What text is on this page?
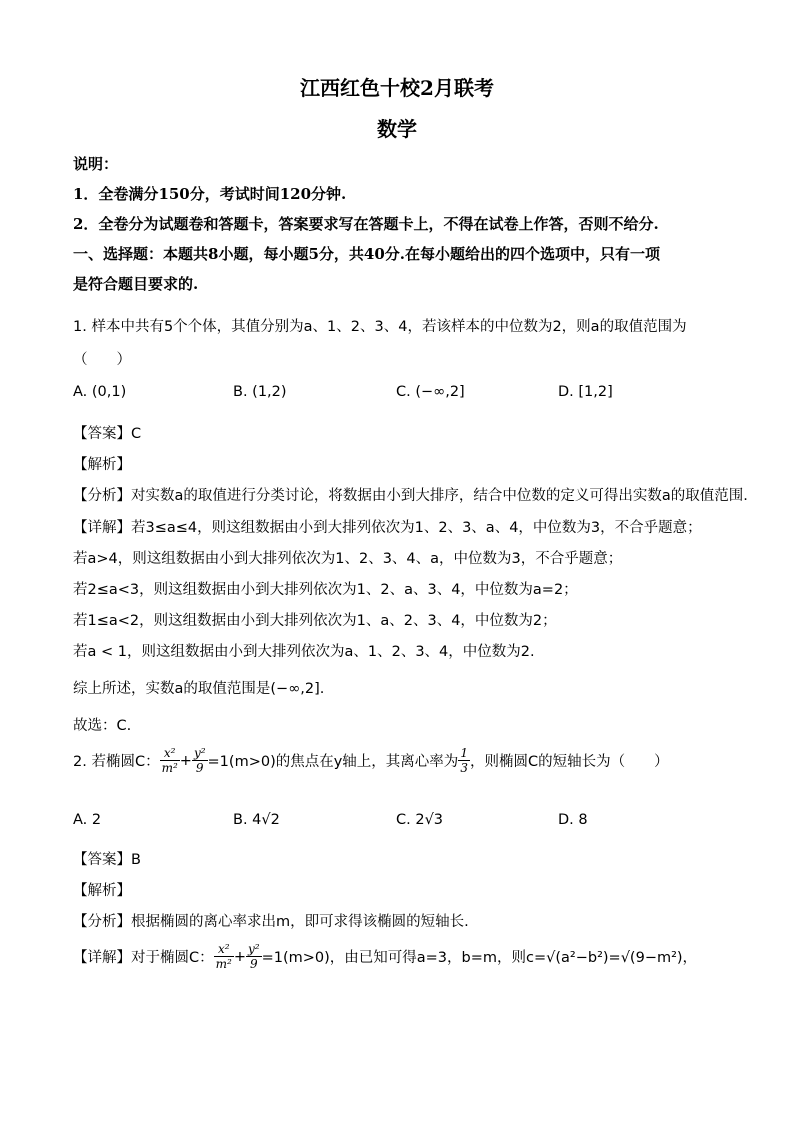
江西红色十校2月联考
数学
说明：
1．全卷满分150分，考试时间120分钟.
2．全卷分为试题卷和答题卡，答案要求写在答题卡上，不得在试卷上作答，否则不给分.
一、选择题：本题共8小题，每小题5分，共40分.在每小题给出的四个选项中，只有一项
是符合题目要求的.
1. 样本中共有5个个体，其值分别为a、1、2、3、4，若该样本的中位数为2，则a的取值范围为
（　　）
A. (0,1)	B. (1,2)	C. (−∞,2]	D. [1,2]
【答案】C
【解析】
【分析】对实数a的取值进行分类讨论，将数据由小到大排序，结合中位数的定义可得出实数a的取值范围.
【详解】若3≤a≤4，则这组数据由小到大排列依次为1、2、3、a、4，中位数为3，不合乎题意；
若a>4，则这组数据由小到大排列依次为1、2、3、4、a，中位数为3，不合乎题意；
若2≤a<3，则这组数据由小到大排列依次为1、2、a、3、4，中位数为a=2；
若1≤a<2，则这组数据由小到大排列依次为1、a、2、3、4，中位数为2；
若a < 1，则这组数据由小到大排列依次为a、1、2、3、4，中位数为2.
综上所述，实数a的取值范围是(−∞,2].
故选：C.
2. 若椭圆C： $\frac{\text{x²}}{\text{m²}} + \frac{\text{y²}}{9} =1(m>0)$的焦点在y轴上，其离心率为 $\frac{1}{3}$ ，则椭圆C的短轴长为（　　）
A. 2	B. 4√2	C. 2√3	D. 8
【答案】B
【解析】
【分析】根据椭圆的离心率求出m，即可求得该椭圆的短轴长.
【详解】对于椭圆C： $\frac{\text{x²}}{\text{m²}} + \frac{\text{y²}}{9} =1(m>0)$，由已知可得a=3，b=m，则c=√(a²−b²)=√(9−m²)，
